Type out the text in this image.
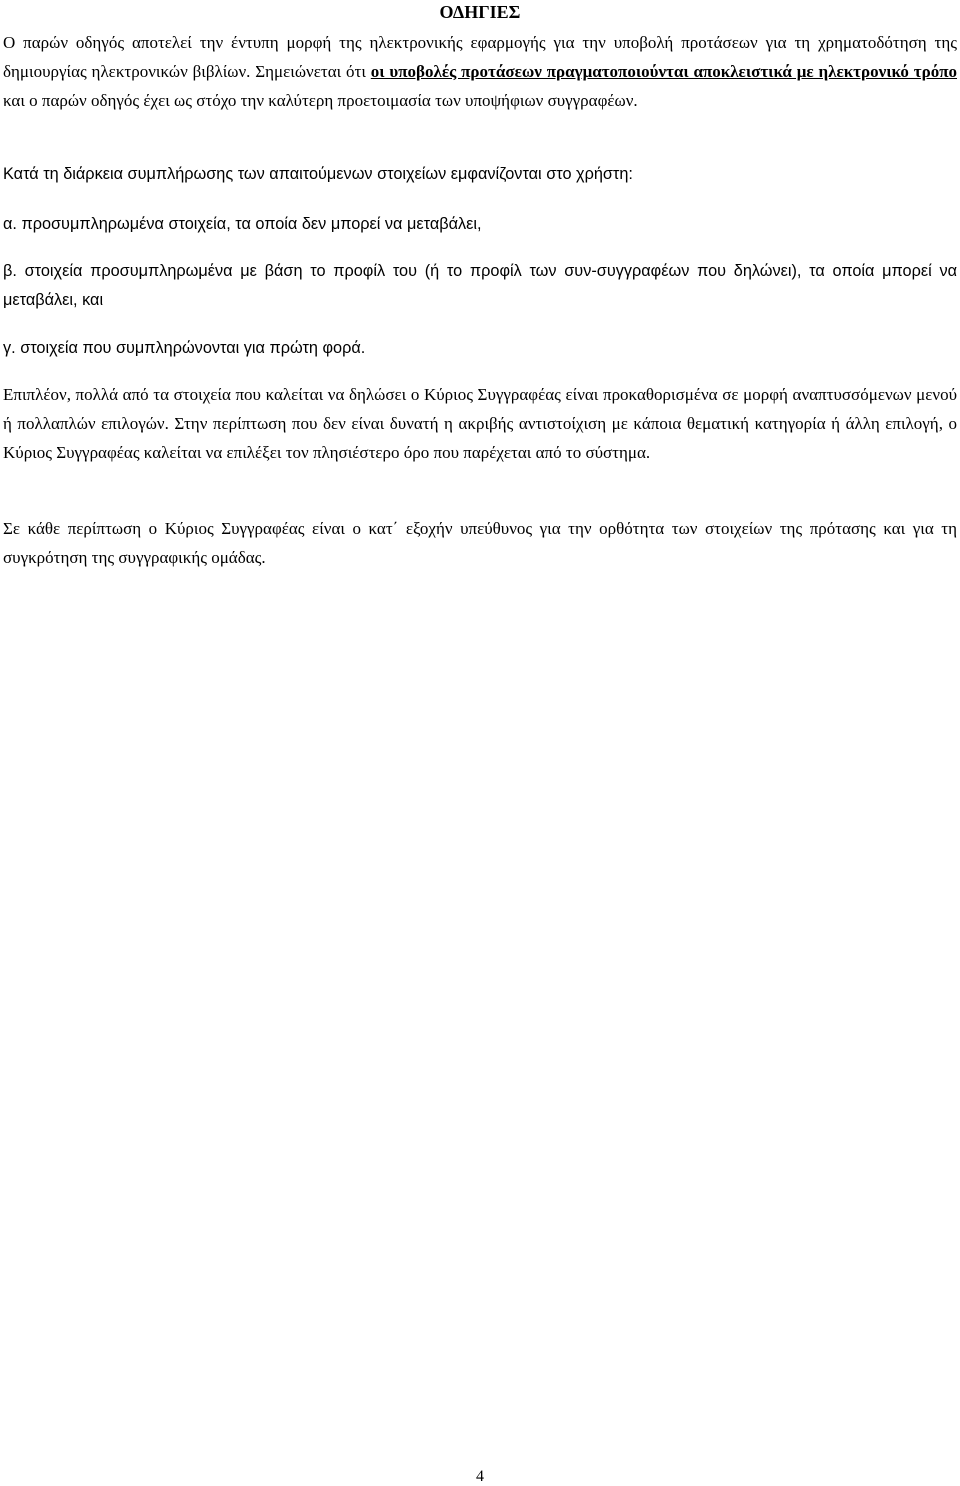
ΟΔΗΓΙΕΣ

Ο παρών οδηγός αποτελεί την έντυπη μορφή της ηλεκτρονικής εφαρμογής για την υποβολή προτάσεων για τη χρηματοδότηση της δημιουργίας ηλεκτρονικών βιβλίων. Σημειώνεται ότι οι υποβολές προτάσεων πραγματοποιούνται αποκλειστικά με ηλεκτρονικό τρόπο και ο παρών οδηγός έχει ως στόχο την καλύτερη προετοιμασία των υποψήφιων συγγραφέων.

Κατά τη διάρκεια συμπλήρωσης των απαιτούμενων στοιχείων εμφανίζονται στο χρήστη:

α. προσυμπληρωμένα στοιχεία, τα οποία δεν μπορεί να μεταβάλει,

β. στοιχεία προσυμπληρωμένα με βάση το προφίλ του (ή το προφίλ των συν-συγγραφέων που δηλώνει), τα οποία μπορεί να μεταβάλει, και

γ. στοιχεία που συμπληρώνονται για πρώτη φορά.

Επιπλέον, πολλά από τα στοιχεία που καλείται να δηλώσει ο Κύριος Συγγραφέας είναι προκαθορισμένα σε μορφή αναπτυσσόμενων μενού ή πολλαπλών επιλογών. Στην περίπτωση που δεν είναι δυνατή η ακριβής αντιστοίχιση με κάποια θεματική κατηγορία ή άλλη επιλογή, ο Κύριος Συγγραφέας καλείται να επιλέξει τον πλησιέστερο όρο που παρέχεται από το σύστημα.

Σε κάθε περίπτωση ο Κύριος Συγγραφέας είναι ο κατ΄ εξοχήν υπεύθυνος για την ορθότητα των στοιχείων της πρότασης και για τη συγκρότηση της συγγραφικής ομάδας.

4
